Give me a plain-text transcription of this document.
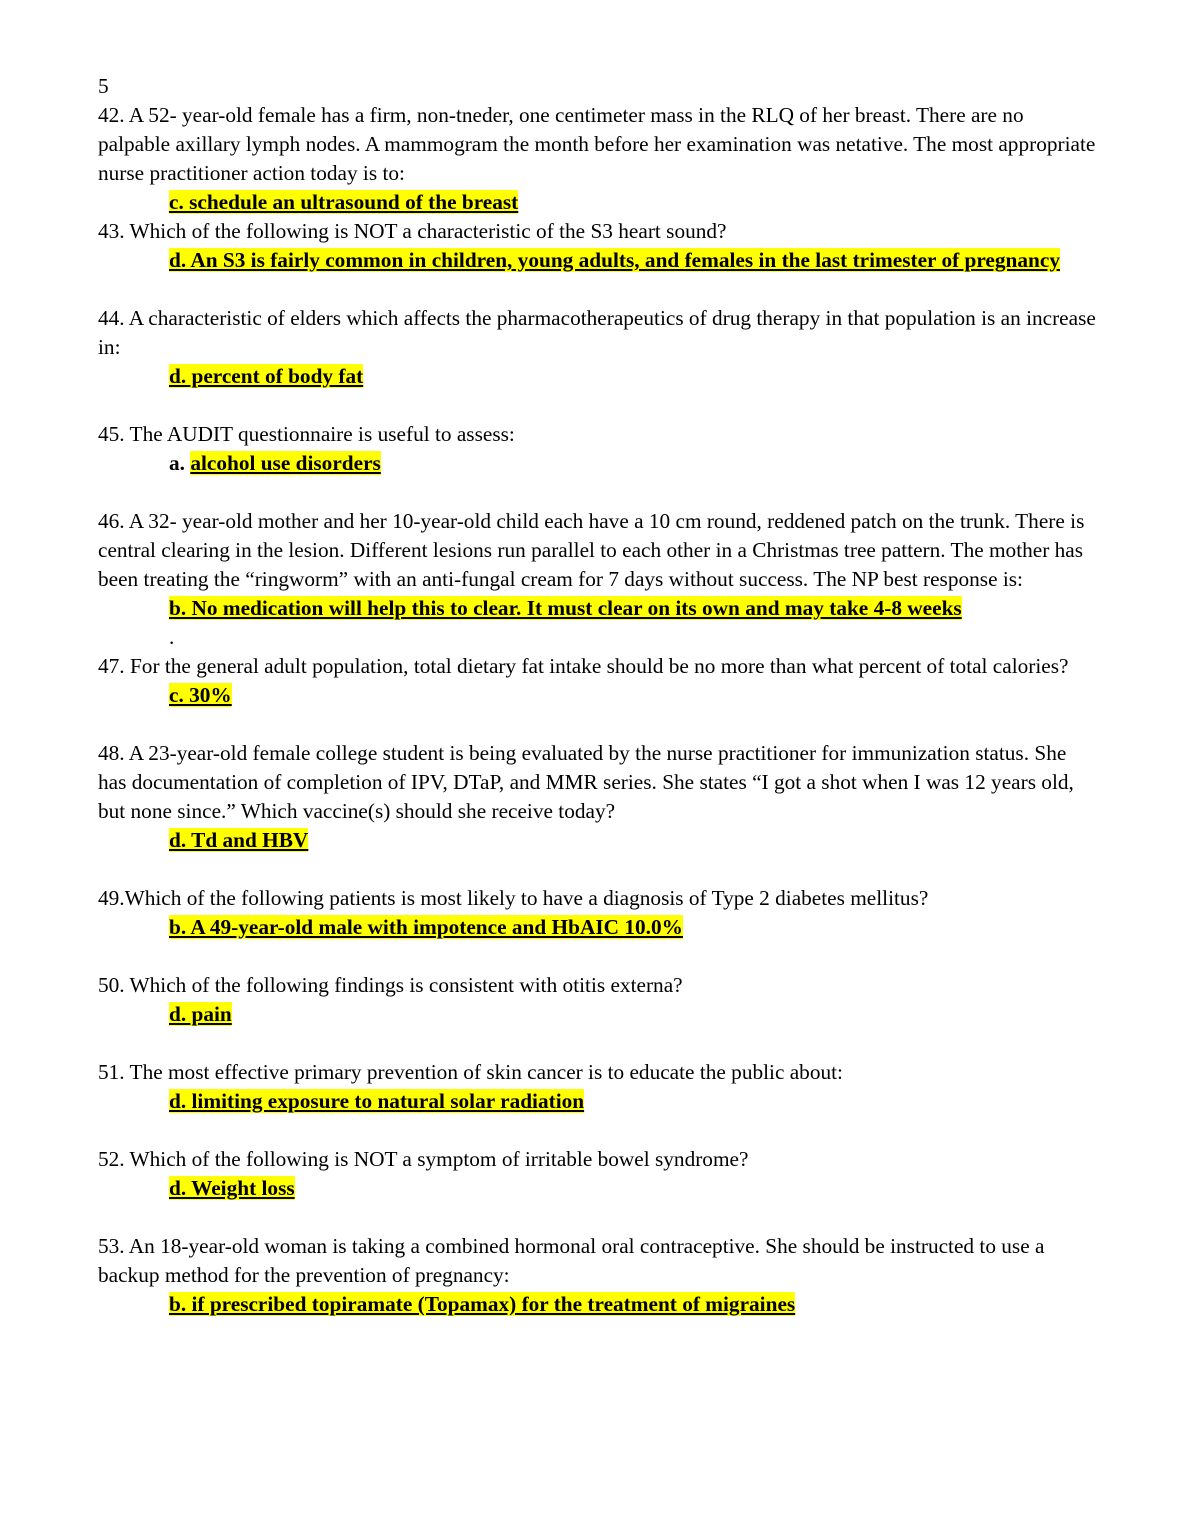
5

42. A 52- year-old female has a firm, non-tneder, one centimeter mass in the RLQ of her breast. There are no palpable axillary lymph nodes. A mammogram the month before her examination was netative. The most appropriate nurse practitioner action today is to:

c. schedule an ultrasound of the breast

43. Which of the following is NOT a characteristic of the S3 heart sound?

d. An S3 is fairly common in children, young adults, and females in the last trimester of pregnancy

44. A characteristic of elders which affects the pharmacotherapeutics of drug therapy in that population is an increase in:

d. percent of body fat

45. The AUDIT questionnaire is useful to assess:

a. alcohol use disorders

46. A 32- year-old mother and her 10-year-old child each have a 10 cm round, reddened patch on the trunk. There is central clearing in the lesion. Different lesions run parallel to each other in a Christmas tree pattern. The mother has been treating the “ringworm” with an anti-fungal cream for 7 days without success. The NP best response is:

b. No medication will help this to clear. It must clear on its own and may take 4-8 weeks

.

47. For the general adult population, total dietary fat intake should be no more than what percent of total calories?

c. 30%

48. A 23-year-old female college student is being evaluated by the nurse practitioner for immunization status. She has documentation of completion of IPV, DTaP, and MMR series. She states “I got a shot when I was 12 years old, but none since.” Which vaccine(s) should she receive today?

d. Td and HBV

49.Which of the following patients is most likely to have a diagnosis of Type 2 diabetes mellitus?

b. A 49-year-old male with impotence and HbAIC 10.0%

50. Which of the following findings is consistent with otitis externa?

d. pain

51. The most effective primary prevention of skin cancer is to educate the public about:

d. limiting exposure to natural solar radiation

52. Which of the following is NOT a symptom of irritable bowel syndrome?

d. Weight loss

53. An 18-year-old woman is taking a combined hormonal oral contraceptive. She should be instructed to use a backup method for the prevention of pregnancy:

b. if prescribed topiramate (Topamax) for the treatment of migraines
